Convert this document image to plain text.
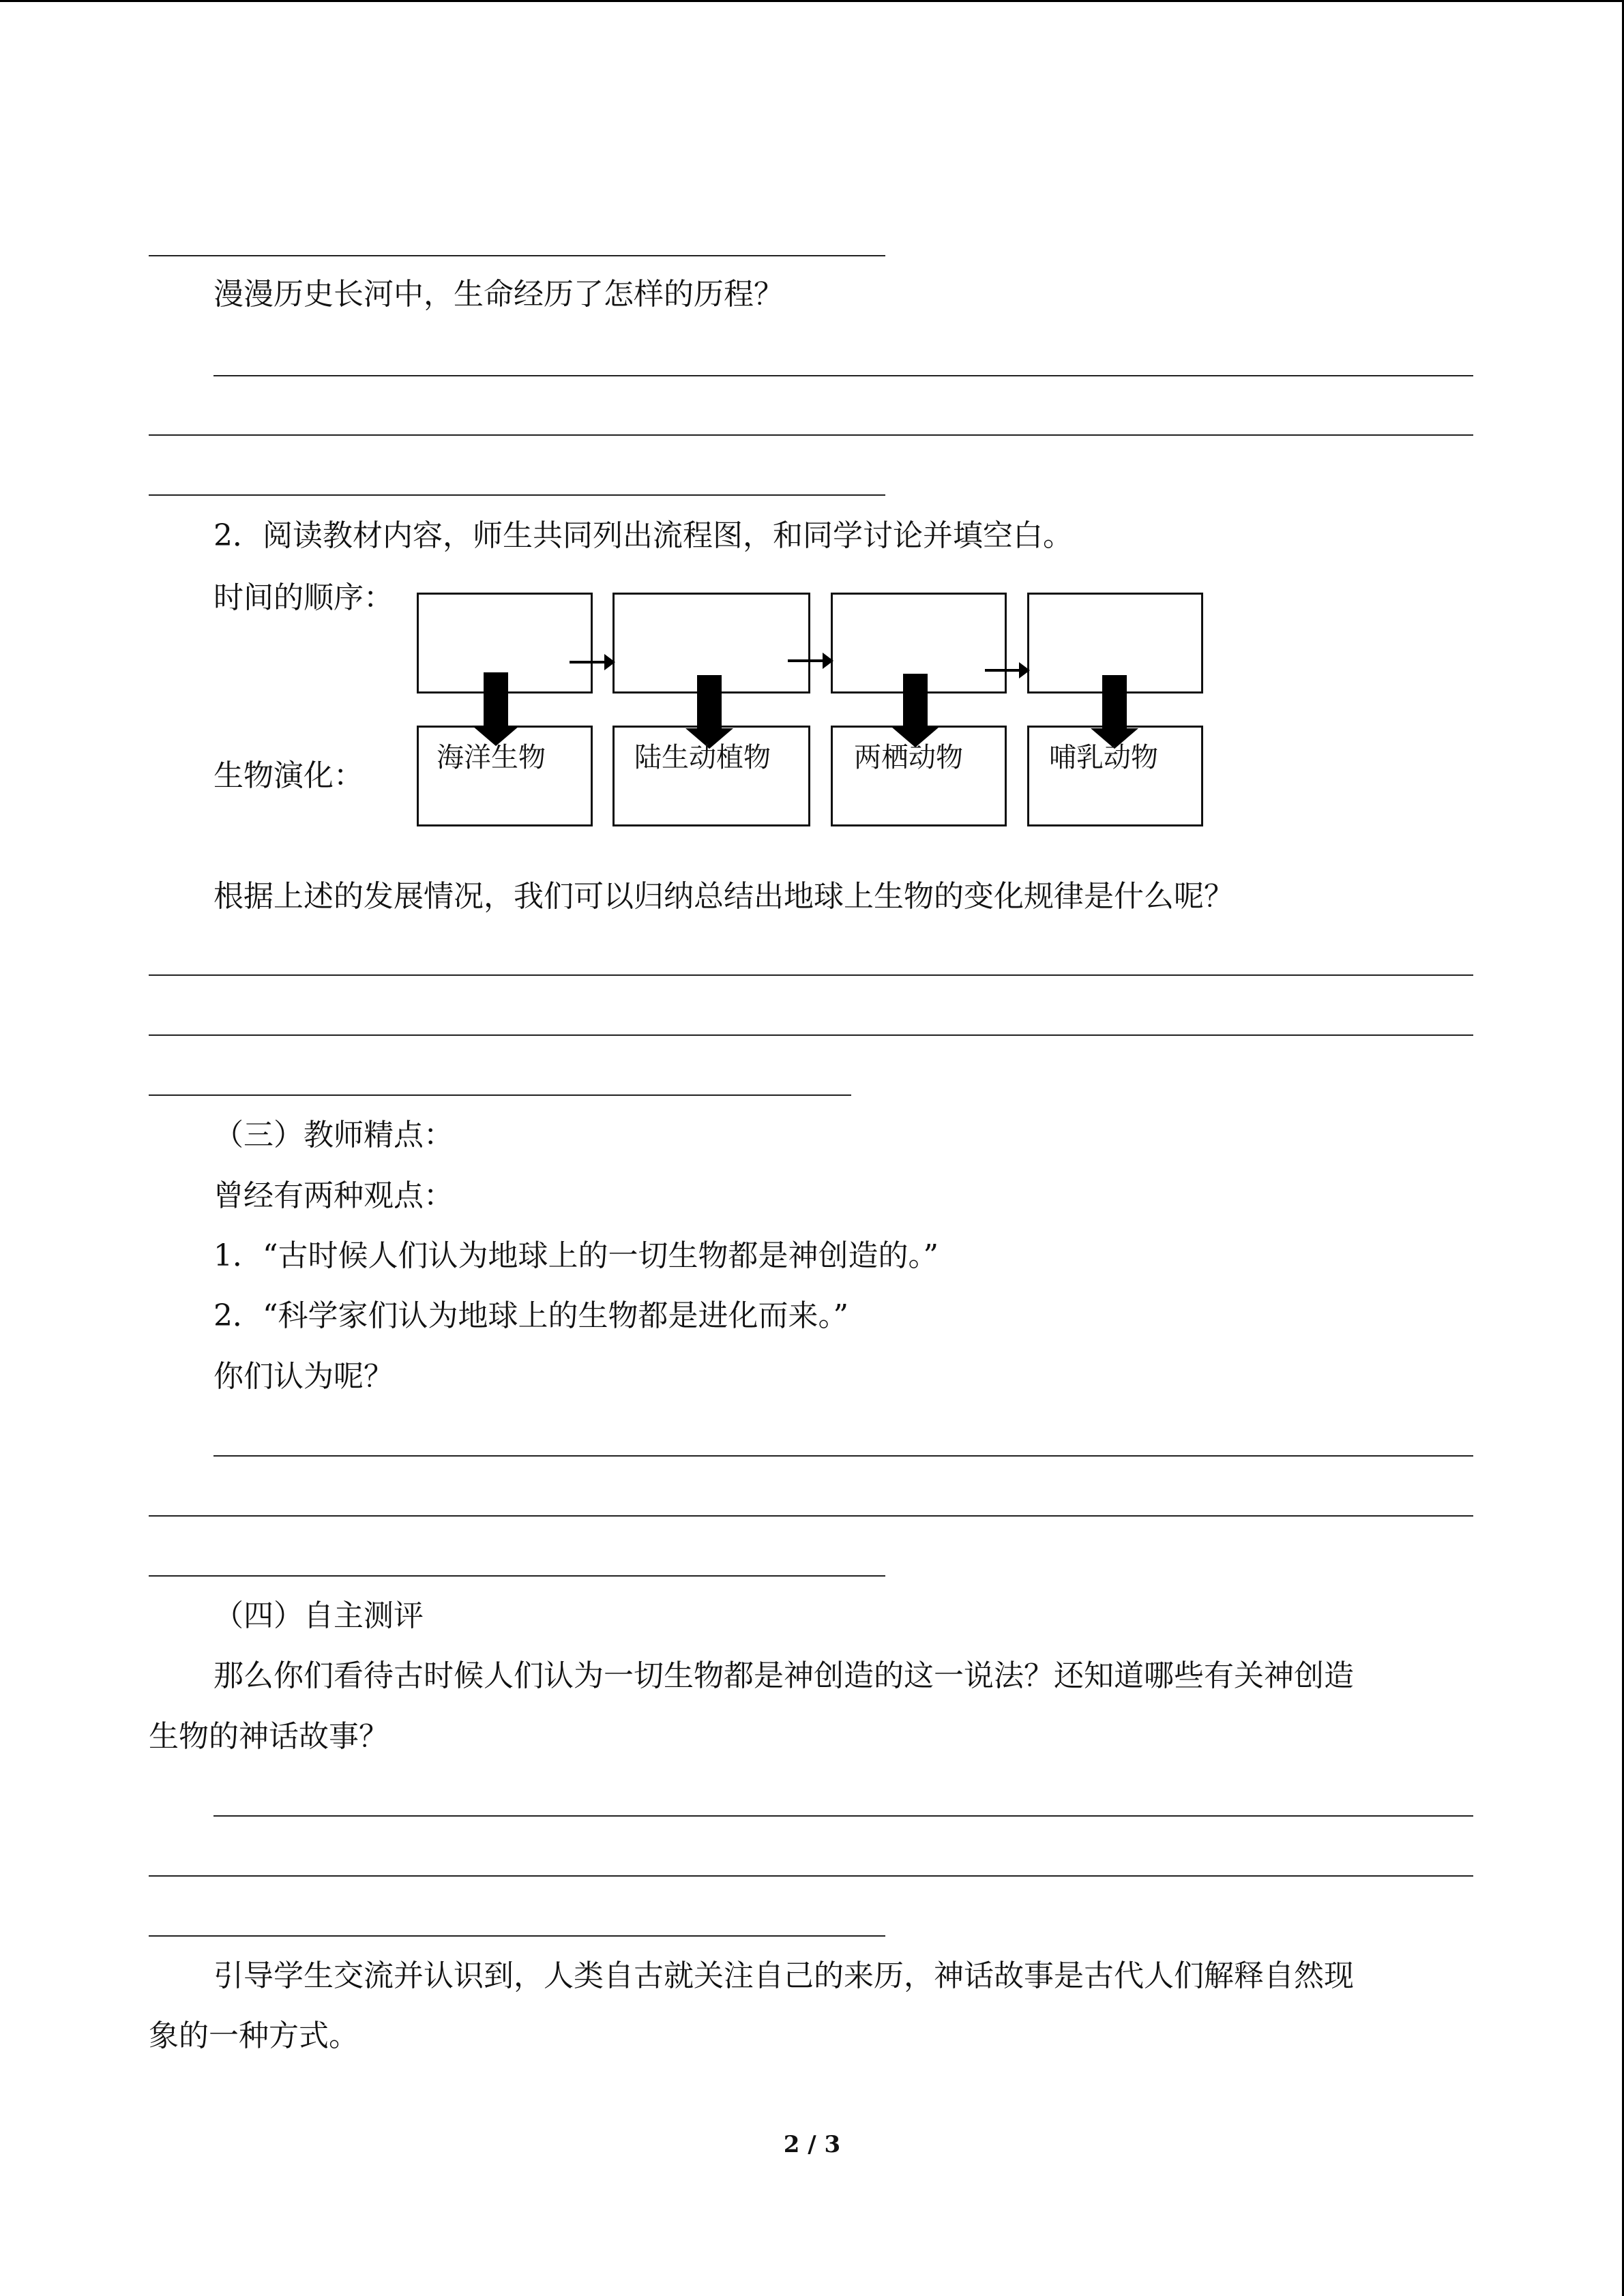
漫漫历史长河中，生命经历了怎样的历程？
2．阅读教材内容，师生共同列出流程图，和同学讨论并填空白。
时间的顺序：
海洋生物	陆生动植物	两栖动物	哺乳动物
生物演化：
根据上述的发展情况，我们可以归纳总结出地球上生物的变化规律是什么呢？
（三）教师精点：
曾经有两种观点：
1．“古时候人们认为地球上的一切生物都是神创造的。”
2．“科学家们认为地球上的生物都是进化而来。”
你们认为呢？
（四）自主测评
那么你们看待古时候人们认为一切生物都是神创造的这一说法？还知道哪些有关神创造
生物的神话故事？
引导学生交流并认识到，人类自古就关注自己的来历，神话故事是古代人们解释自然现
象的一种方式。
2 / 3
